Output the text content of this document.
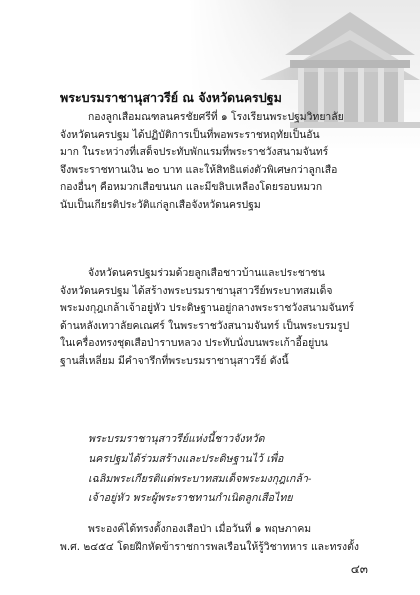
พระบรมราชานุสาวรีย์ ณ จังหวัดนครปฐม
กองลูกเสือมณฑลนครชัยศรีที่ ๑ โรงเรียนพระปฐมวิทยาลัย
จังหวัดนครปฐม ได้ปฏิบัติการเป็นที่พอพระราชหฤทัยเป็นอัน
มาก ในระหว่างที่เสด็จประทับพักแรมที่พระราชวังสนามจันทร์
จึงพระราชทานเงิน ๒๐ บาท และให้สิทธิแต่งตัวพิเศษกว่าลูกเสือ
กองอื่นๆ คือหมวกเสือขนนก และมีขลิบเหลืองโดยรอบหมวก
นับเป็นเกียรติประวัติแก่ลูกเสือจังหวัดนครปฐม
จังหวัดนครปฐมร่วมด้วยลูกเสือชาวบ้านและประชาชน
จังหวัดนครปฐม ได้สร้างพระบรมราชานุสาวรีย์พระบาทสมเด็จ
พระมงกุฎเกล้าเจ้าอยู่หัว ประดิษฐานอยู่กลางพระราชวังสนามจันทร์
ด้านหลังเทวาลัยคเณศร์ ในพระราชวังสนามจันทร์ เป็นพระบรมรูป
ในเครื่องทรงชุดเสือป่าราบหลวง ประทับนั่งบนพระเก้าอี้อยู่บน
ฐานสี่เหลี่ยม มีคำจารึกที่พระบรมราชานุสาวรีย์ ดังนี้
พระบรมราชานุสาวรีย์แห่งนี้ชาวจังหวัด
นครปฐมได้ร่วมสร้างและประดิษฐานไว้ เพื่อ
เฉลิมพระเกียรติแด่พระบาทสมเด็จพระมงกุฎเกล้า-
เจ้าอยู่หัว พระผู้พระราชทานกำเนิดลูกเสือไทย
พระองค์ได้ทรงตั้งกองเสือป่า เมื่อวันที่ ๑ พฤษภาคม
พ.ศ. ๒๔๕๔ โดยฝึกหัดข้าราชการพลเรือนให้รู้วิชาทหาร และทรงตั้ง
๔๓
